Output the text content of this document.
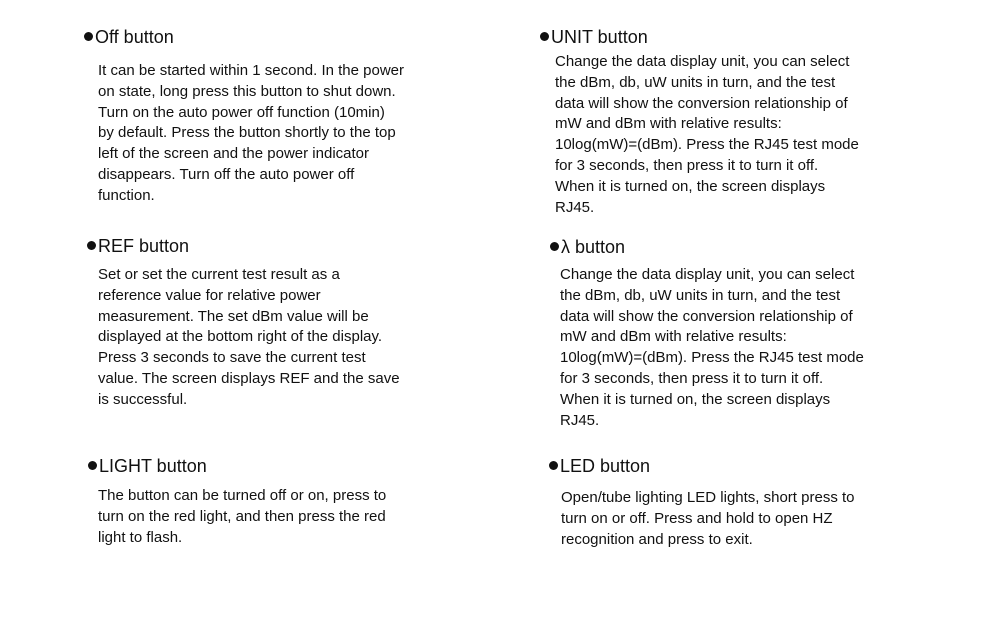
Off button

It can be started within 1 second. In the power
on state, long press this button to shut down.
Turn on the auto power off function (10min)
by default. Press the button shortly to the top
left of the screen and the power indicator
disappears. Turn off the auto power off
function.

REF button

Set or set the current test result as a
reference value for relative power
measurement. The set dBm value will be
displayed at the bottom right of the display.
Press 3 seconds to save the current test
value. The screen displays REF and the save
is successful.

LIGHT button

The button can be turned off or on, press to
turn on the red light, and then press the red
light to flash.

UNIT button

Change the data display unit, you can select
the dBm, db, uW units in turn, and the test
data will show the conversion relationship of
mW and dBm with relative results:
10log(mW)=(dBm). Press the RJ45 test mode
for 3 seconds, then press it to turn it off.
When it is turned on, the screen displays
RJ45.

λ button

Change the data display unit, you can select
the dBm, db, uW units in turn, and the test
data will show the conversion relationship of
mW and dBm with relative results:
10log(mW)=(dBm). Press the RJ45 test mode
for 3 seconds, then press it to turn it off.
When it is turned on, the screen displays
RJ45.

LED button

Open/tube lighting LED lights, short press to
turn on or off. Press and hold to open HZ
recognition and press to exit.
